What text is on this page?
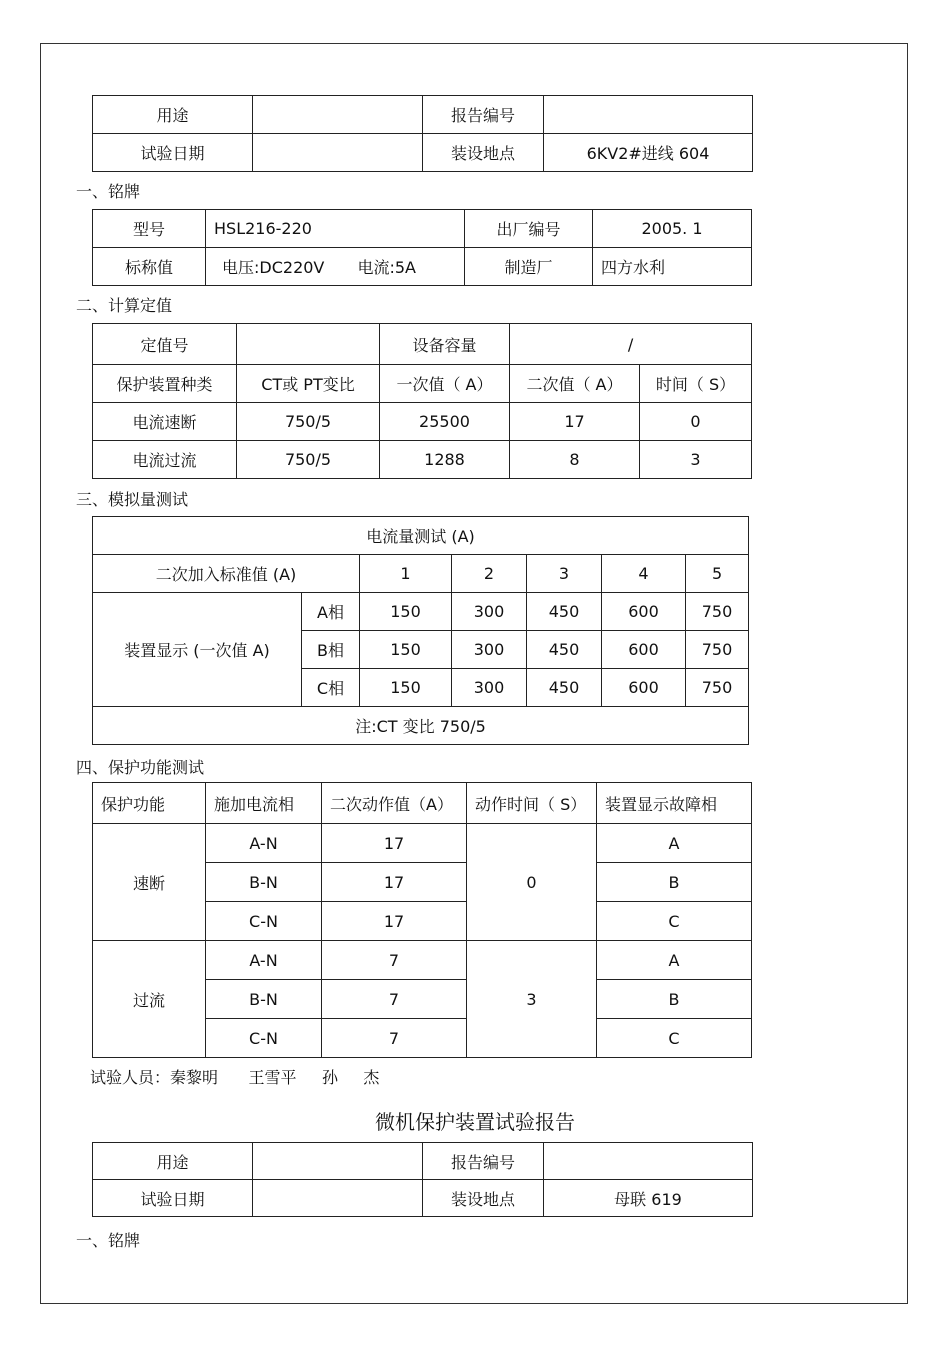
用途		报告编号	
试验日期		装设地点	6KV2#进线 604
一、铭牌
型号	HSL216-220	出厂编号	2005. 1
标称值	电压:DC220V 电流:5A	制造厂	四方水利
二、计算定值
定值号		设备容量	/	
保护装置种类	CT或 PT变比	一次值（ A）	二次值（ A）	时间（ S）
电流速断	750/5	25500	17	0
电流过流	750/5	1288	8	3
三、模拟量测试
电流量测试 (A)						
二次加入标准值 (A)		1	2	3	4	5
装置显示 (一次值 A)	A相	150	300	450	600	750
	B相	150	300	450	600	750
	C相	150	300	450	600	750
注:CT 变比 750/5						
四、保护功能测试
保护功能	施加电流相	二次动作值（A）	动作时间（ S）	装置显示故障相
速断	A-N	17	0	A
	B-N	17		B
	C-N	17		C
过流	A-N	7	3	A
	B-N	7		B
	C-N	7		C
试验人员：秦黎明      王雪平     孙     杰
微机保护装置试验报告
用途		报告编号	
试验日期		装设地点	母联 619
一、铭牌
